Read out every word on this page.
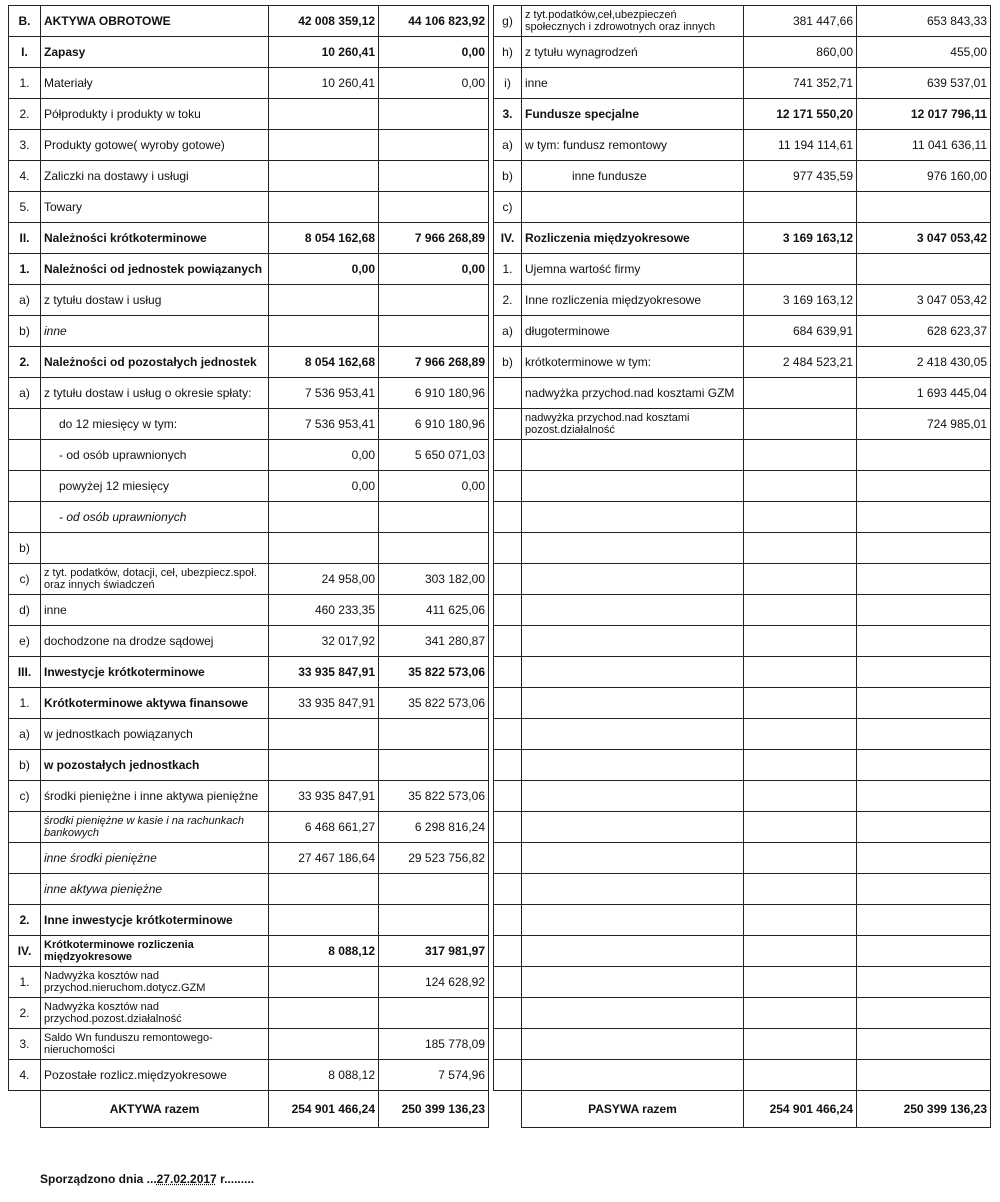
B.	AKTYWA OBROTOWE	42 008 359,12	44 106 823,92
I.	Zapasy	10 260,41	0,00
1.	Materiały	10 260,41	0,00
2.	Półprodukty i produkty w toku		
3.	Produkty gotowe( wyroby gotowe)		
4.	Zaliczki na dostawy i usługi		
5.	Towary		
II.	Należności krótkoterminowe	8 054 162,68	7 966 268,89
1.	Należności od jednostek powiązanych	0,00	0,00
a)	z tytułu dostaw i usług		
b)	inne		
2.	Należności od pozostałych jednostek	8 054 162,68	7 966 268,89
a)	z tytułu dostaw i usług o okresie spłaty:	7 536 953,41	6 910 180,96
	do 12 miesięcy w tym:	7 536 953,41	6 910 180,96
	- od osób uprawnionych	0,00	5 650 071,03
	powyżej 12 miesięcy	0,00	0,00
	- od osób uprawnionych		
b)			
c)	z tyt. podatków, dotacji, ceł, ubezpiecz.społ. oraz innych świadczeń	24 958,00	303 182,00
d)	inne	460 233,35	411 625,06
e)	dochodzone na drodze sądowej	32 017,92	341 280,87
III.	Inwestycje krótkoterminowe	33 935 847,91	35 822 573,06
1.	Krótkoterminowe aktywa finansowe	33 935 847,91	35 822 573,06
a)	w jednostkach powiązanych		
b)	w pozostałych jednostkach		
c)	środki pieniężne i inne aktywa pieniężne	33 935 847,91	35 822 573,06
	środki pieniężne w kasie i na rachunkach bankowych	6 468 661,27	6 298 816,24
	inne środki pieniężne	27 467 186,64	29 523 756,82
	inne aktywa pieniężne		
2.	Inne inwestycje krótkoterminowe		
IV.	Krótkoterminowe rozliczenia międzyokresowe	8 088,12	317 981,97
1.	Nadwyżka kosztów nad przychod.nieruchom.dotycz.GZM		124 628,92
2.	Nadwyżka kosztów nad przychod.pozost.działalność		
3.	Saldo Wn funduszu remontowego-nieruchomości		185 778,09
4.	Pozostałe rozlicz.międzyokresowe	8 088,12	7 574,96
	AKTYWA razem	254 901 466,24	250 399 136,23
g)	z tyt.podatków,ceł,ubezpieczeń społecznych i zdrowotnych oraz innych	381 447,66	653 843,33
h)	z tytułu wynagrodzeń	860,00	455,00
i)	inne	741 352,71	639 537,01
3.	Fundusze specjalne	12 171 550,20	12 017 796,11
a)	w tym: fundusz remontowy	11 194 114,61	11 041 636,11
b)	inne fundusze	977 435,59	976 160,00
c)			
IV.	Rozliczenia międzyokresowe	3 169 163,12	3 047 053,42
1.	Ujemna wartość firmy		
2.	Inne rozliczenia międzyokresowe	3 169 163,12	3 047 053,42
a)	długoterminowe	684 639,91	628 623,37
b)	krótkoterminowe w tym:	2 484 523,21	2 418 430,05
	nadwyżka przychod.nad kosztami GZM		1 693 445,04
	nadwyżka przychod.nad kosztami pozost.działalność		724 985,01

	PASYWA razem	254 901 466,24	250 399 136,23
Sporządzono dnia ...27.02.2017 r.........
